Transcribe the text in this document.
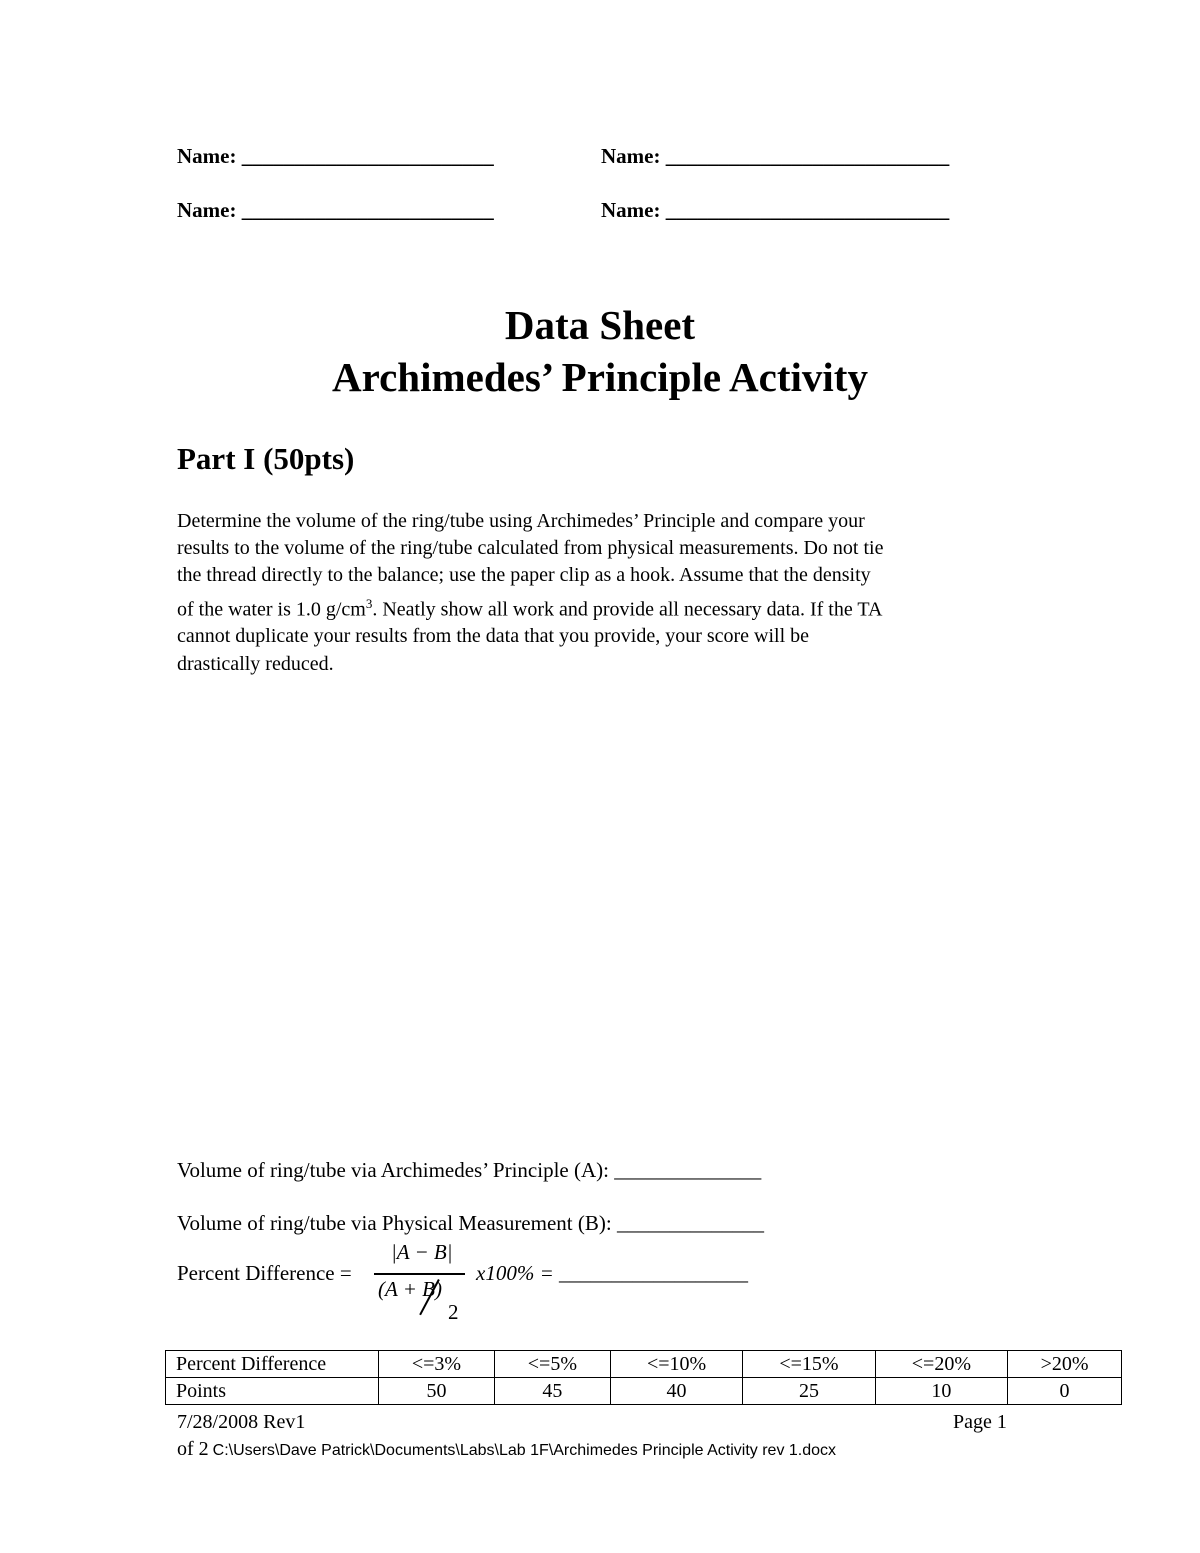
Name: ________________________	Name: ___________________________
Name: ________________________	Name: ___________________________
Data Sheet
Archimedes’ Principle Activity
Part I (50pts)
Determine the volume of the ring/tube using Archimedes’ Principle and compare your
results to the volume of the ring/tube calculated from physical measurements. Do not tie
the thread directly to the balance; use the paper clip as a hook. Assume that the density
of the water is 1.0 $g/cm^3$. Neatly show all work and provide all necessary data. If the TA
cannot duplicate your results from the data that you provide, your score will be
drastically reduced.
Volume of ring/tube via Archimedes’ Principle (A): ______________
Volume of ring/tube via Physical Measurement (B): ______________
Percent Difference =
|A − B|
(A + B)
2
x100% = __________________
Percent Difference	<=3%	<=5%	<=10%	<=15%	<=20%	>20%
Points	50	45	40	25	10	0
7/28/2008 Rev1	Page 1
of 2 C:\Users\Dave Patrick\Documents\Labs\Lab 1F\Archimedes Principle Activity rev 1.docx
